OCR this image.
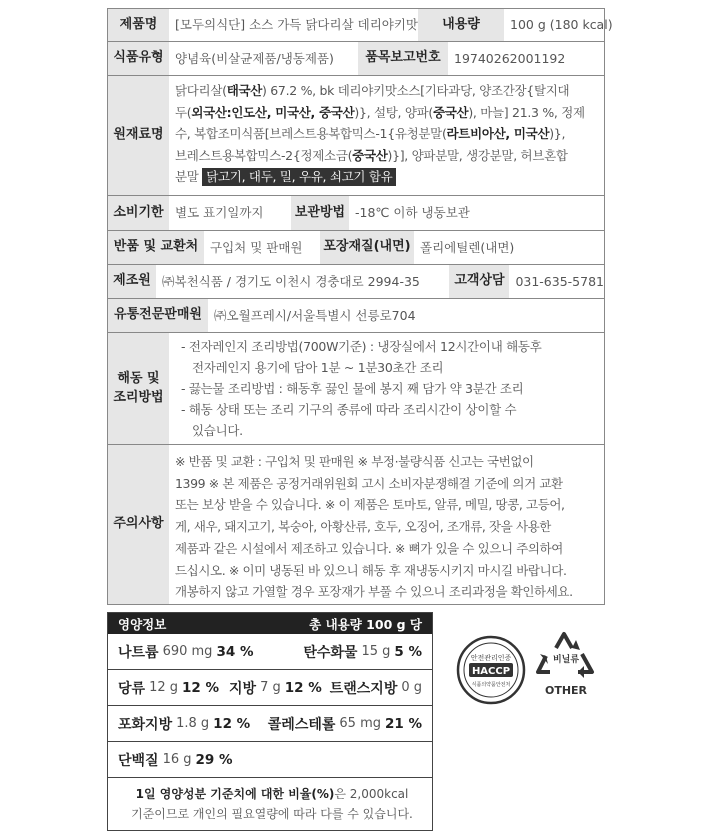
제품명	[모두의식단] 소스 가득 닭다리살 데리야키맛	내용량	100 g (180 kcal)
식품유형 양념육(비살균제품/냉동제품)	품목보고번호	19740262001192
원재료명
닭다리살(태국산) 67.2 %, bk 데리야키맛소스[기타과당, 양조간장{탈지대
두(외국산:인도산, 미국산, 중국산)}, 설탕, 양파(중국산), 마늘] 21.3 %, 정제
수, 복합조미식품[브레스트용복합믹스-1{유청분말(라트비아산, 미국산)},
브레스트용복합믹스-2{정제소금(중국산)}], 양파분말, 생강분말, 허브혼합
분말 닭고기, 대두, 밀, 우유, 쇠고기 함유
소비기한 별도 표기일까지	보관방법 -18℃ 이하 냉동보관
반품 및 교환처 구입처 및 판매원	포장재질(내면) 폴리에틸렌(내면)
제조원 ㈜복천식품 / 경기도 이천시 경충대로 2994-35	고객상담 031-635-5781
유통전문판매원 ㈜오월프레시/서울특별시 선릉로704
해동 및
조리방법
- 전자레인지 조리방법(700W기준) : 냉장실에서 12시간이내 해동후
전자레인지 용기에 담아 1분 ~ 1분30초간 조리
- 끓는물 조리방법 : 해동후 끓인 물에 봉지 째 담가 약 3분간 조리
- 해동 상태 또는 조리 기구의 종류에 따라 조리시간이 상이할 수
있습니다.
주의사항
※ 반품 및 교환 : 구입처 및 판매원 ※ 부정·불량식품 신고는 국번없이
1399 ※ 본 제품은 공정거래위원회 고시 소비자분쟁해결 기준에 의거 교환
또는 보상 받을 수 있습니다. ※ 이 제품은 토마토, 알류, 메밀, 땅콩, 고등어,
게, 새우, 돼지고기, 복숭아, 아황산류, 호두, 오징어, 조개류, 잣을 사용한
제품과 같은 시설에서 제조하고 있습니다. ※ 뼈가 있을 수 있으니 주의하여
드십시오. ※ 이미 냉동된 바 있으니 해동 후 재냉동시키지 마시길 바랍니다.
개봉하지 않고 가열할 경우 포장재가 부풀 수 있으니 조리과정을 확인하세요.
영양정보	총 내용량 100 g 당
나트륨 690 mg 34 %	탄수화물 15 g 5 %
당류 12 g 12 % 지방 7 g 12 % 트랜스지방 0 g
포화지방 1.8 g 12 % 콜레스테롤 65 mg 21 %
단백질 16 g 29 %
1일 영양성분 기준치에 대한 비율(%)은 2,000kcal
기준이므로 개인의 필요열량에 따라 다를 수 있습니다.
안전관리인증
HACCP
식품의약품안전처
비닐류
OTHER
